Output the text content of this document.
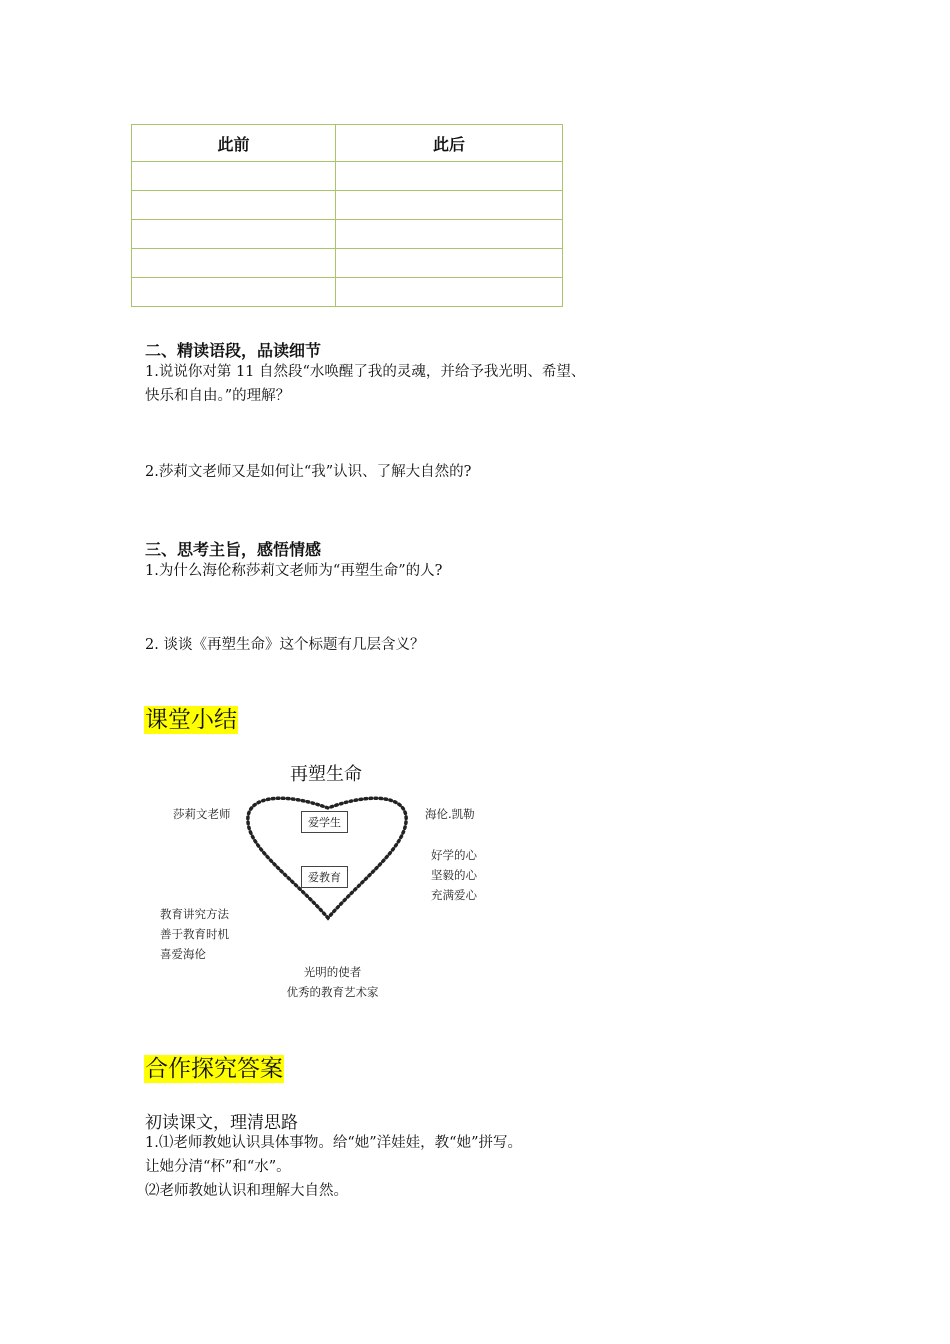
此前	此后

二、精读语段，品读细节
1.说说你对第 11 自然段“水唤醒了我的灵魂，并给予我光明、希望、
快乐和自由。”的理解？
2.莎莉文老师又是如何让“我”认识、了解大自然的?
三、思考主旨，感悟情感
1.为什么海伦称莎莉文老师为“再塑生命”的人?
2. 谈谈《再塑生命》这个标题有几层含义？
课堂小结
再塑生命
莎莉文老师	海伦.凯勒
爱学生
爱教育
好学的心
坚毅的心
充满爱心
教育讲究方法
善于教育时机
喜爱海伦
光明的使者
优秀的教育艺术家
合作探究答案
初读课文，理清思路
1.⑴老师教她认识具体事物。给“她”洋娃娃，教“她”拼写。
让她分清“杯”和“水”。
⑵老师教她认识和理解大自然。
